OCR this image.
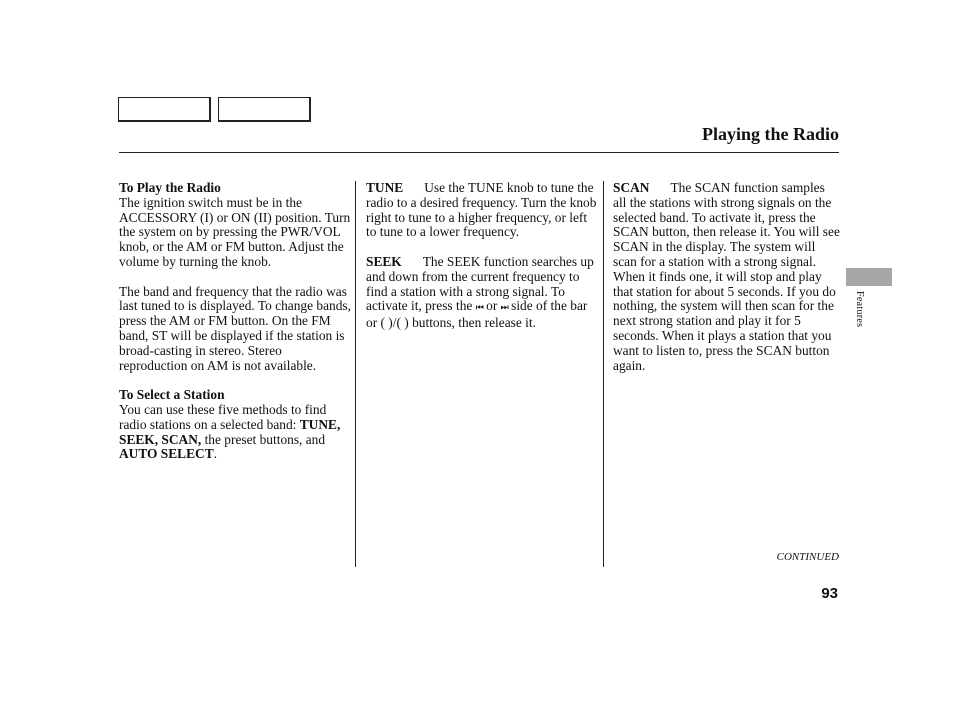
Playing the Radio

To Play the Radio

The ignition switch must be in the ACCESSORY (I) or ON (II) position. Turn the system on by pressing the PWR/VOL knob, or the AM or FM button. Adjust the volume by turning the knob.

The band and frequency that the radio was last tuned to is displayed. To change bands, press the AM or FM button. On the FM band, ST will be displayed if the station is broad-casting in stereo. Stereo reproduction on AM is not available.

To Select a Station

You can use these five methods to find radio stations on a selected band: TUNE, SEEK, SCAN, the preset buttons, and AUTO SELECT.

TUNE Use the TUNE knob to tune the radio to a desired frequency. Turn the knob right to tune to a higher frequency, or left to tune to a lower frequency.

SEEK The SEEK function searches up and down from the current frequency to find a station with a strong signal. To activate it, press the ⏮ or ⏭ side of the bar or ( )/( ) buttons, then release it.

SCAN The SCAN function samples all the stations with strong signals on the selected band. To activate it, press the SCAN button, then release it. You will see SCAN in the display. The system will scan for a station with a strong signal. When it finds one, it will stop and play that station for about 5 seconds. If you do nothing, the system will then scan for the next strong station and play it for 5 seconds. When it plays a station that you want to listen to, press the SCAN button again.

Features
CONTINUED
93
